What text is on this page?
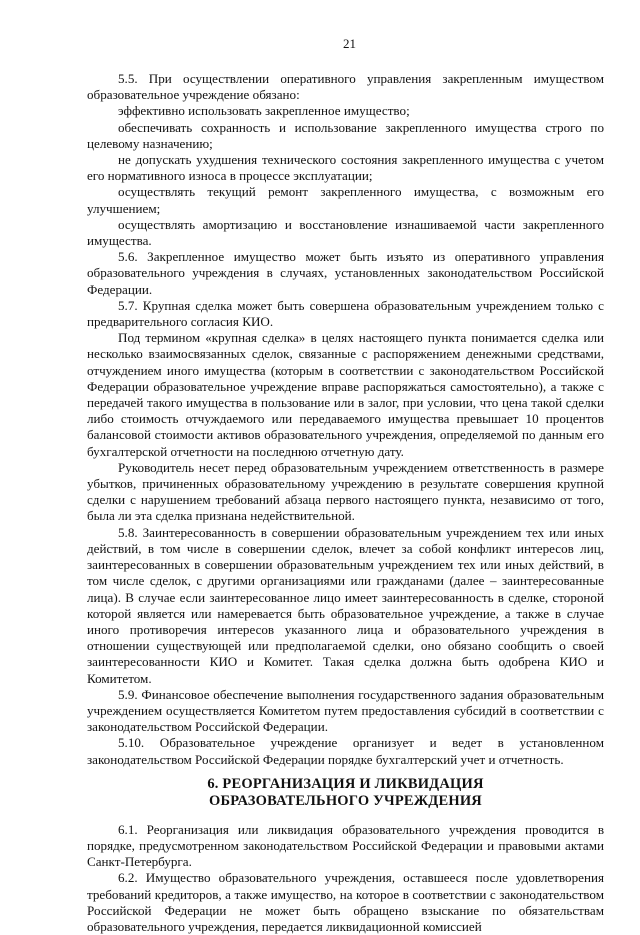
21

5.5. При осуществлении оперативного управления закрепленным имуществом образовательное учреждение обязано:

эффективно использовать закрепленное имущество;

обеспечивать сохранность и использование закрепленного имущества строго по целевому назначению;

не допускать ухудшения технического состояния закрепленного имущества с учетом его нормативного износа в процессе эксплуатации;

осуществлять текущий ремонт закрепленного имущества, с возможным его улучшением;

осуществлять амортизацию и восстановление изнашиваемой части закрепленного имущества.

5.6. Закрепленное имущество может быть изъято из оперативного управления образовательного учреждения в случаях, установленных законодательством Российской Федерации.

5.7. Крупная сделка может быть совершена образовательным учреждением только с предварительного согласия КИО.

Под термином «крупная сделка» в целях настоящего пункта понимается сделка или несколько взаимосвязанных сделок, связанные с распоряжением денежными средствами, отчуждением иного имущества (которым в соответствии с законодательством Российской Федерации образовательное учреждение вправе распоряжаться самостоятельно), а также с передачей такого имущества в пользование или в залог, при условии, что цена такой сделки либо стоимость отчуждаемого или передаваемого имущества превышает 10 процентов балансовой стоимости активов образовательного учреждения, определяемой по данным его бухгалтерской отчетности на последнюю отчетную дату.

Руководитель несет перед образовательным учреждением ответственность в размере убытков, причиненных образовательному учреждению в результате совершения крупной сделки с нарушением требований абзаца первого настоящего пункта, независимо от того, была ли эта сделка признана недействительной.

5.8. Заинтересованность в совершении образовательным учреждением тех или иных действий, в том числе в совершении сделок, влечет за собой конфликт интересов лиц, заинтересованных в совершении образовательным учреждением тех или иных действий, в том числе сделок, с другими организациями или гражданами (далее – заинтересованные лица). В случае если заинтересованное лицо имеет заинтересованность в сделке, стороной которой является или намеревается быть образовательное учреждение, а также в случае иного противоречия интересов указанного лица и образовательного учреждения в отношении существующей или предполагаемой сделки, оно обязано сообщить о своей заинтересованности КИО и Комитет. Такая сделка должна быть одобрена КИО и Комитетом.

5.9. Финансовое обеспечение выполнения государственного задания образовательным учреждением осуществляется Комитетом путем предоставления субсидий в соответствии с законодательством Российской Федерации.

5.10. Образовательное учреждение организует и ведет в установленном законодательством Российской Федерации порядке бухгалтерский учет и отчетность.

6. РЕОРГАНИЗАЦИЯ И ЛИКВИДАЦИЯ
ОБРАЗОВАТЕЛЬНОГО УЧРЕЖДЕНИЯ

6.1. Реорганизация или ликвидация образовательного учреждения проводится в порядке, предусмотренном законодательством Российской Федерации и правовыми актами Санкт-Петербурга.

6.2. Имущество образовательного учреждения, оставшееся после удовлетворения требований кредиторов, а также имущество, на которое в соответствии с законодательством Российской Федерации не может быть обращено взыскание по обязательствам образовательного учреждения, передается ликвидационной комиссией
